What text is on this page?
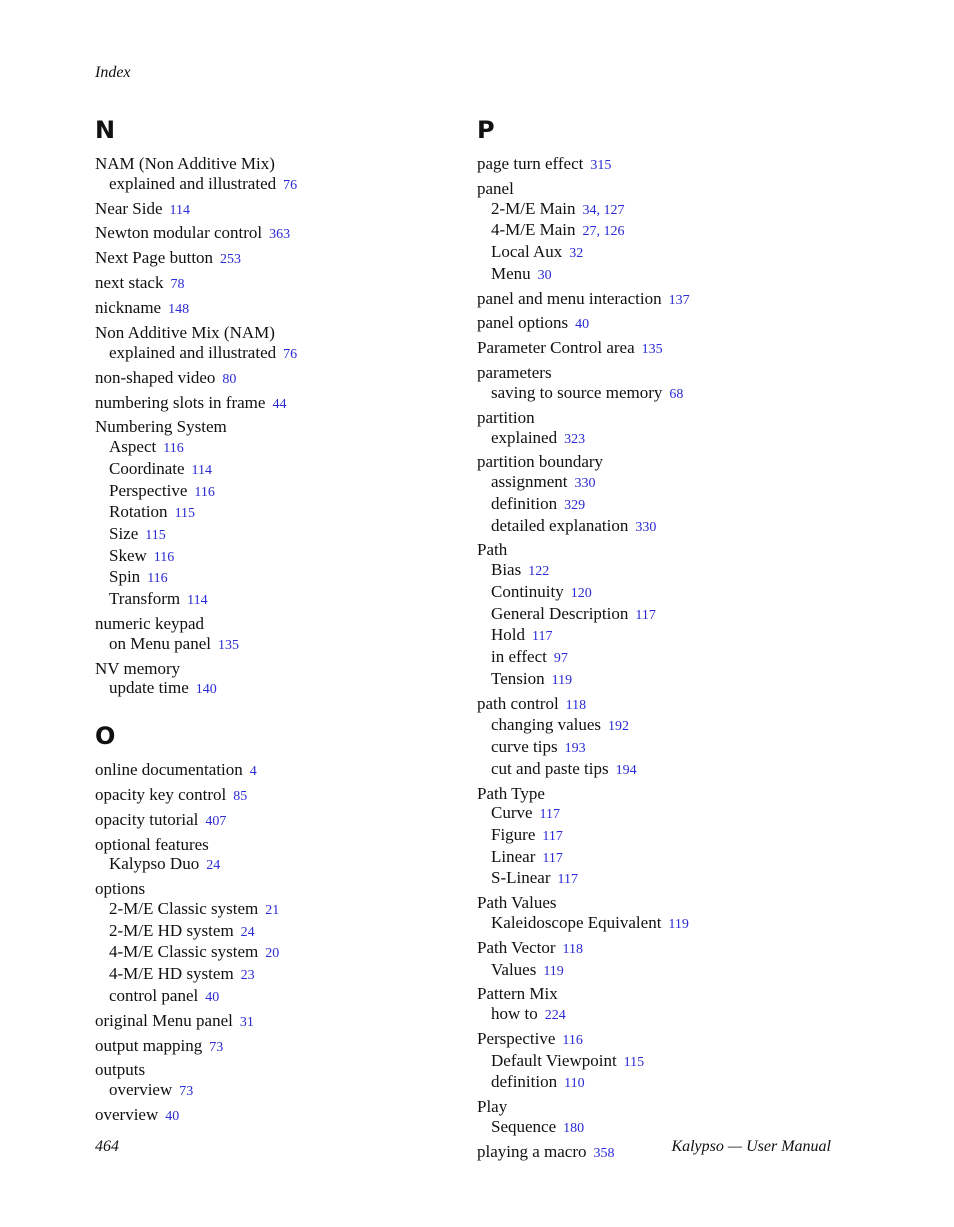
Index
N
NAM (Non Additive Mix)
explained and illustrated 76
Near Side 114
Newton modular control 363
Next Page button 253
next stack 78
nickname 148
Non Additive Mix (NAM)
explained and illustrated 76
non-shaped video 80
numbering slots in frame 44
Numbering System
Aspect 116
Coordinate 114
Perspective 116
Rotation 115
Size 115
Skew 116
Spin 116
Transform 114
numeric keypad
on Menu panel 135
NV memory
update time 140
O
online documentation 4
opacity key control 85
opacity tutorial 407
optional features
Kalypso Duo 24
options
2-M/E Classic system 21
2-M/E HD system 24
4-M/E Classic system 20
4-M/E HD system 23
control panel 40
original Menu panel 31
output mapping 73
outputs
overview 73
overview 40
P
page turn effect 315
panel
2-M/E Main 34, 127
4-M/E Main 27, 126
Local Aux 32
Menu 30
panel and menu interaction 137
panel options 40
Parameter Control area 135
parameters
saving to source memory 68
partition
explained 323
partition boundary
assignment 330
definition 329
detailed explanation 330
Path
Bias 122
Continuity 120
General Description 117
Hold 117
in effect 97
Tension 119
path control 118
changing values 192
curve tips 193
cut and paste tips 194
Path Type
Curve 117
Figure 117
Linear 117
S-Linear 117
Path Values
Kaleidoscope Equivalent 119
Path Vector 118
Values 119
Pattern Mix
how to 224
Perspective 116
Default Viewpoint 115
definition 110
Play
Sequence 180
playing a macro 358
464	Kalypso — User Manual
